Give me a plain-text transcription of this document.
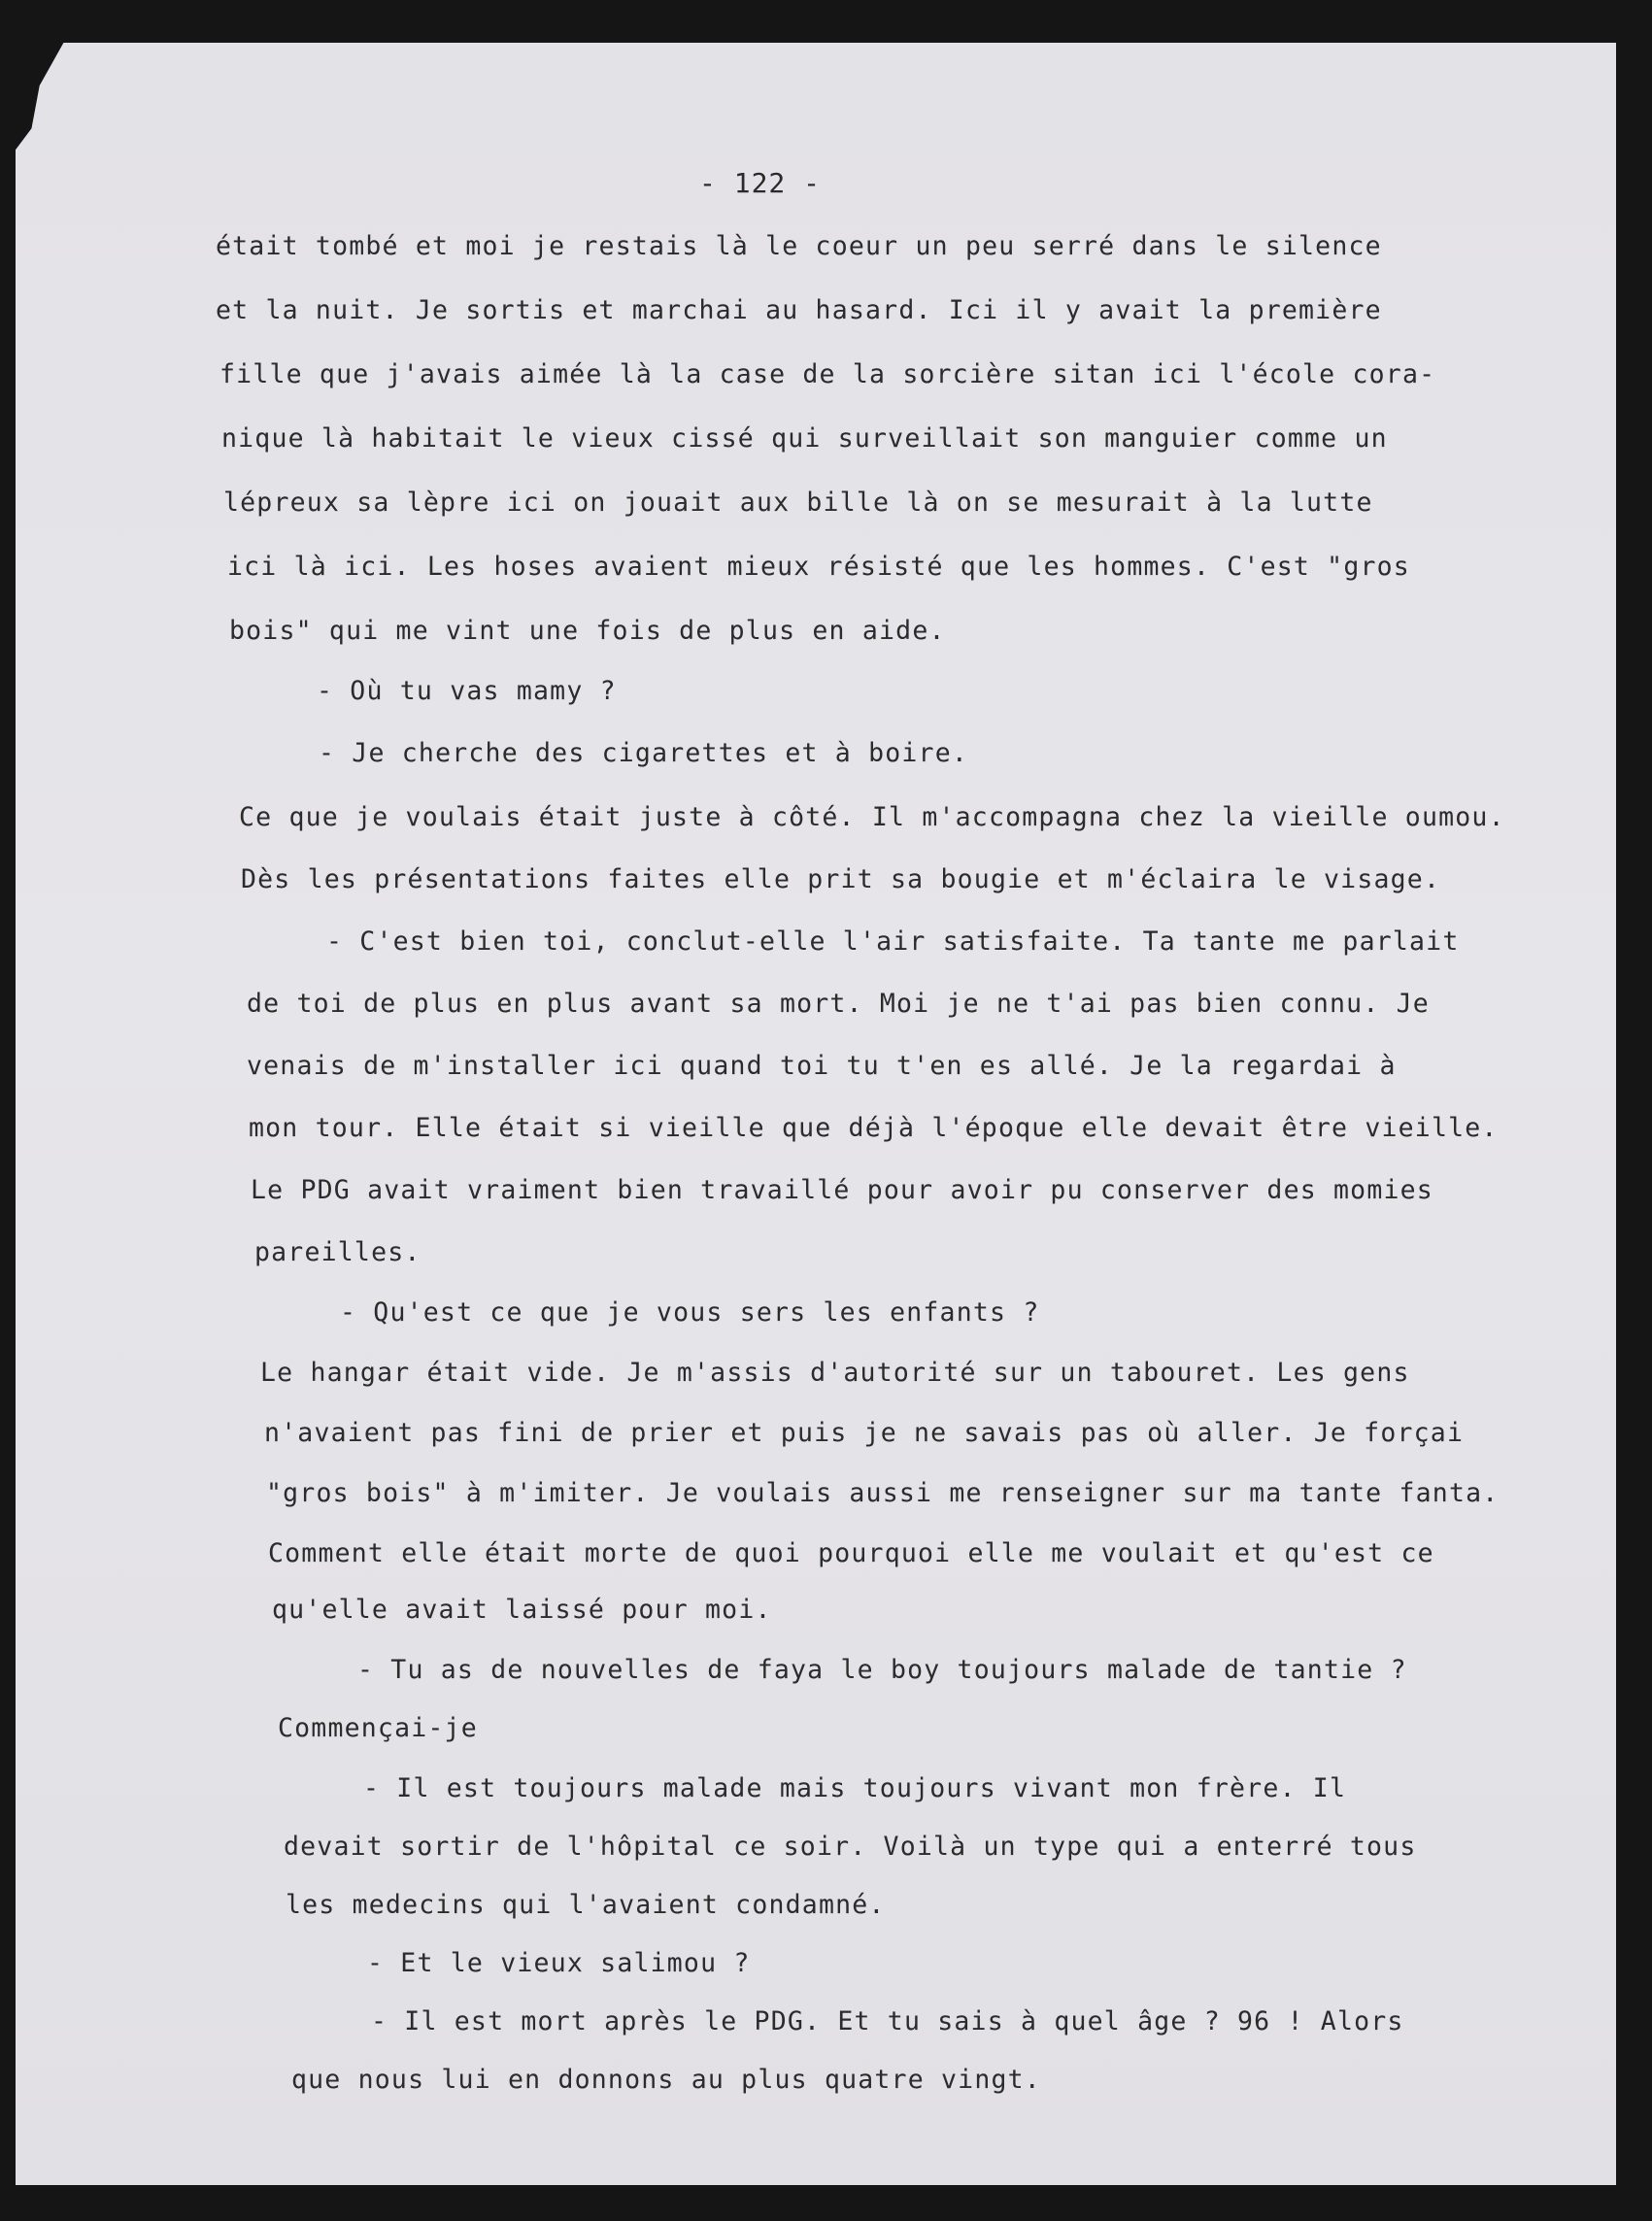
- 122 -
était tombé et moi je restais là le coeur un peu serré dans le silence
et la nuit. Je sortis et marchai au hasard. Ici il y avait la première
fille que j'avais aimée là la case de la sorcière sitan ici l'école cora-
nique là habitait le vieux cissé qui surveillait son manguier comme un
lépreux sa lèpre ici on jouait aux bille là on se mesurait à la lutte
ici là ici. Les hoses avaient mieux résisté que les hommes. C'est "gros
bois" qui me vint une fois de plus en aide.
- Où tu vas mamy ?
- Je cherche des cigarettes et à boire.
Ce que je voulais était juste à côté. Il m'accompagna chez la vieille oumou.
Dès les présentations faites elle prit sa bougie et m'éclaira le visage.
- C'est bien toi, conclut-elle l'air satisfaite. Ta tante me parlait
de toi de plus en plus avant sa mort. Moi je ne t'ai pas bien connu. Je
venais de m'installer ici quand toi tu t'en es allé. Je la regardai à
mon tour. Elle était si vieille que déjà l'époque elle devait être vieille.
Le PDG avait vraiment bien travaillé pour avoir pu conserver des momies
pareilles.
- Qu'est ce que je vous sers les enfants ?
Le hangar était vide. Je m'assis d'autorité sur un tabouret. Les gens
n'avaient pas fini de prier et puis je ne savais pas où aller. Je forçai
"gros bois" à m'imiter. Je voulais aussi me renseigner sur ma tante fanta.
Comment elle était morte de quoi pourquoi elle me voulait et qu'est ce
qu'elle avait laissé pour moi.
- Tu as de nouvelles de faya le boy toujours malade de tantie ?
Commençai-je
- Il est toujours malade mais toujours vivant mon frère. Il
devait sortir de l'hôpital ce soir. Voilà un type qui a enterré tous
les medecins qui l'avaient condamné.
- Et le vieux salimou ?
- Il est mort après le PDG. Et tu sais à quel âge ? 96 ! Alors
que nous lui en donnons au plus quatre vingt.
